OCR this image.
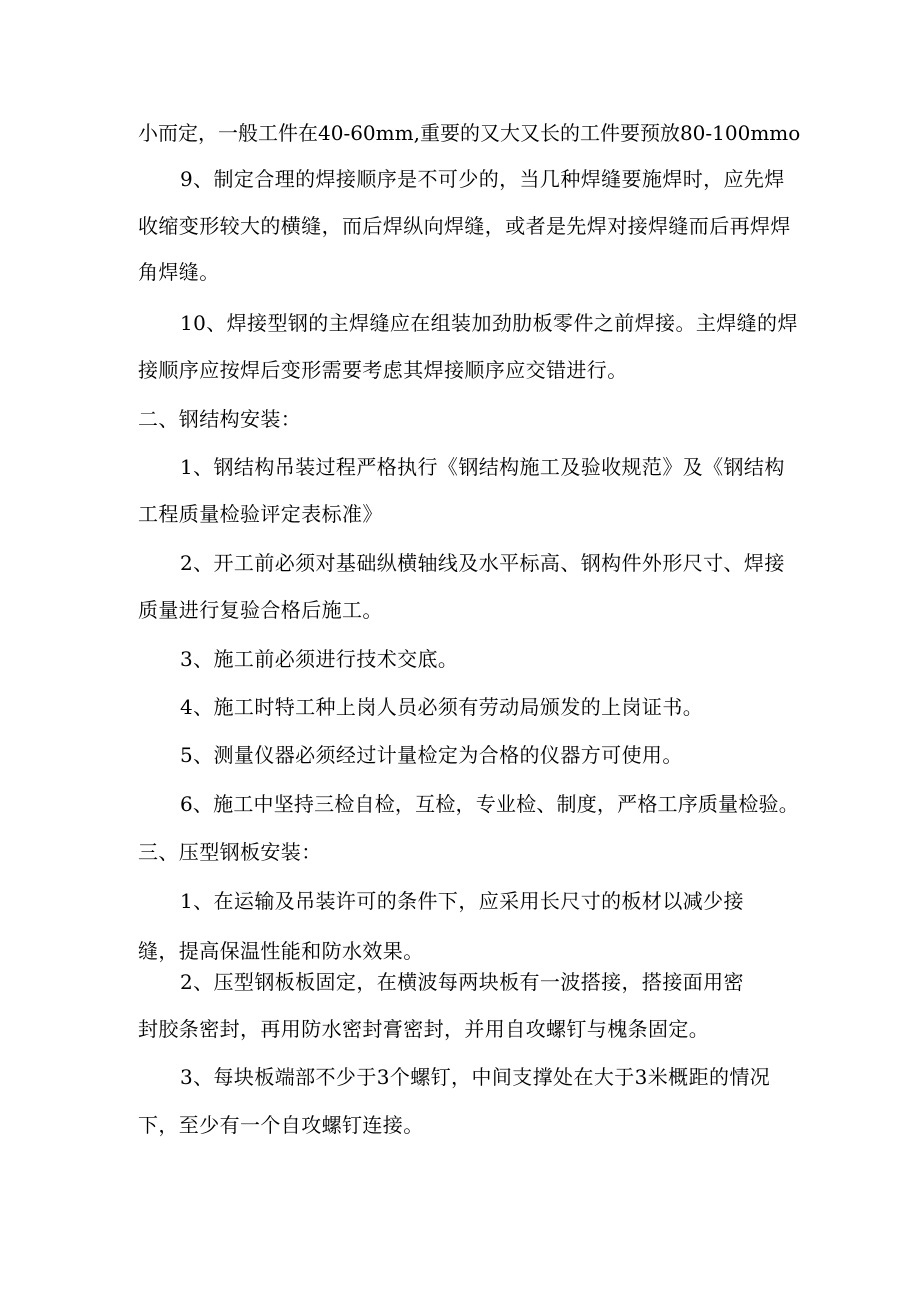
小而定，一般工件在40-60mm,重要的又大又长的工件要预放80-100mmo
9、制定合理的焊接顺序是不可少的，当几种焊缝要施焊时，应先焊
收缩变形较大的横缝，而后焊纵向焊缝，或者是先焊对接焊缝而后再焊焊
角焊缝。
10、焊接型钢的主焊缝应在组装加劲肋板零件之前焊接。主焊缝的焊
接顺序应按焊后变形需要考虑其焊接顺序应交错进行。
二、钢结构安装：
1、钢结构吊装过程严格执行《钢结构施工及验收规范》及《钢结构
工程质量检验评定表标准》
2、开工前必须对基础纵横轴线及水平标高、钢构件外形尺寸、焊接
质量进行复验合格后施工。
3、施工前必须进行技术交底。
4、施工时特工种上岗人员必须有劳动局颁发的上岗证书。
5、测量仪器必须经过计量检定为合格的仪器方可使用。
6、施工中坚持三检自检，互检，专业检、制度，严格工序质量检验。
三、压型钢板安装：
1、在运输及吊装许可的条件下，应采用长尺寸的板材以减少接
缝，提高保温性能和防水效果。
2、压型钢板板固定，在横波每两块板有一波搭接，搭接面用密
封胶条密封，再用防水密封膏密封，并用自攻螺钉与槐条固定。
3、每块板端部不少于3个螺钉，中间支撑处在大于3米概距的情况
下，至少有一个自攻螺钉连接。
